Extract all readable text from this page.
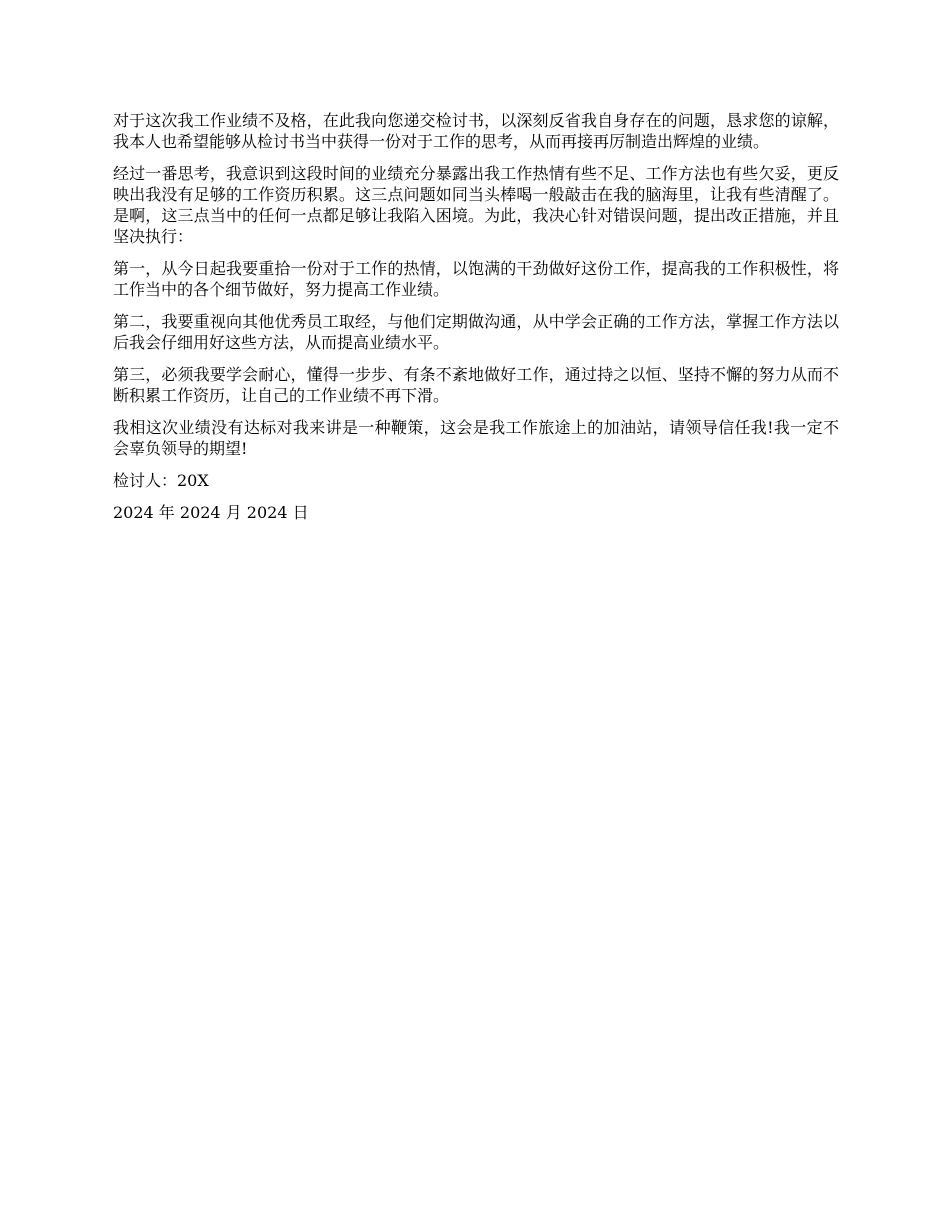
对于这次我工作业绩不及格，在此我向您递交检讨书，以深刻反省我自身存在的问题，恳求您的谅解，我本人也希望能够从检讨书当中获得一份对于工作的思考，从而再接再厉制造出辉煌的业绩。

经过一番思考，我意识到这段时间的业绩充分暴露出我工作热情有些不足、工作方法也有些欠妥，更反映出我没有足够的工作资历积累。这三点问题如同当头棒喝一般敲击在我的脑海里，让我有些清醒了。是啊，这三点当中的任何一点都足够让我陷入困境。为此，我决心针对错误问题，提出改正措施，并且坚决执行：

第一，从今日起我要重拾一份对于工作的热情，以饱满的干劲做好这份工作，提高我的工作积极性，将工作当中的各个细节做好，努力提高工作业绩。

第二，我要重视向其他优秀员工取经，与他们定期做沟通，从中学会正确的工作方法，掌握工作方法以后我会仔细用好这些方法，从而提高业绩水平。

第三，必须我要学会耐心，懂得一步步、有条不紊地做好工作，通过持之以恒、坚持不懈的努力从而不断积累工作资历，让自己的工作业绩不再下滑。

我相这次业绩没有达标对我来讲是一种鞭策，这会是我工作旅途上的加油站，请领导信任我!我一定不会辜负领导的期望!

检讨人：20X

2024 年 2024 月 2024 日
